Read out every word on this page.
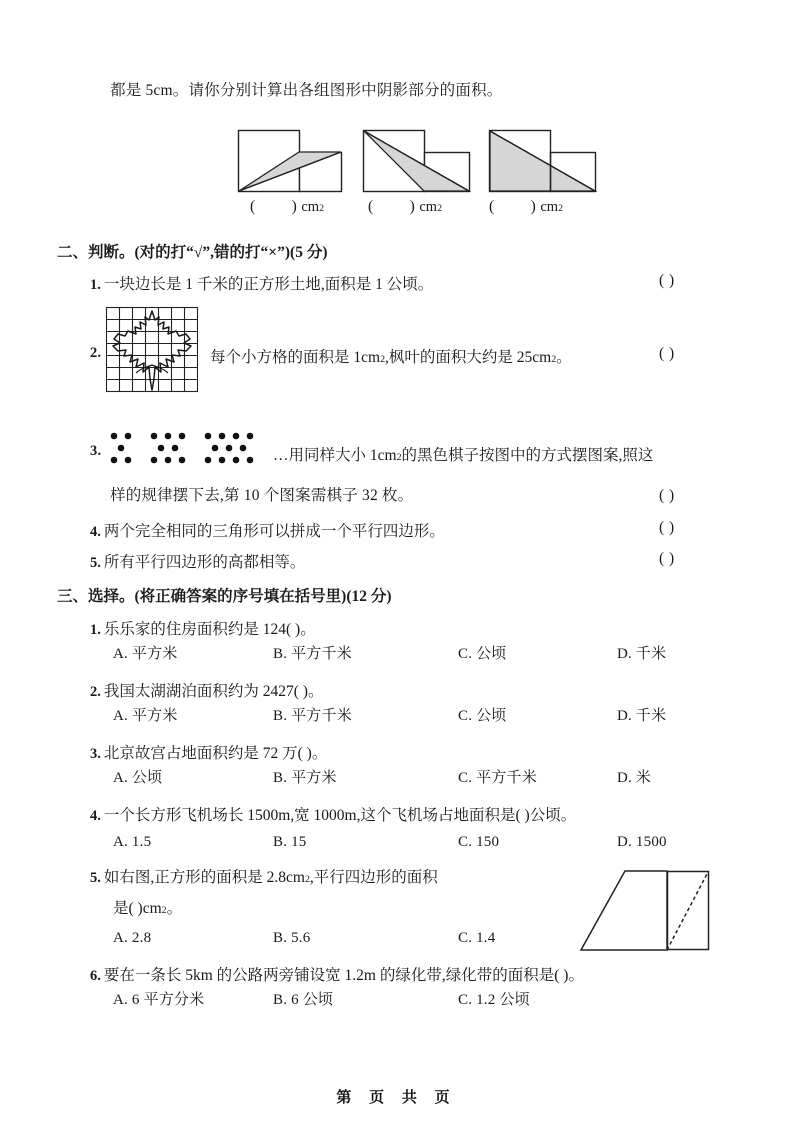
都是 5cm。请你分别计算出各组图形中阴影部分的面积。
( ) cm 2	( ) cm 2	( ) cm 2
二、判断。 (对的打“√”,错的打“×”)(5 分)
1. 一块边长是 1 千米的正方形土地,面积是 1 公顷。	( )
2.	每个小方格的面积是 $1cm_2$ ,枫叶的面积大约是 $25cm_2$ 。	( )
3.	…用同样大小 $1cm_2$ 的黑色棋子按图中的方式摆图案,照这
样的规律摆下去,第 10 个图案需棋子 32 枚。	( )
4. 两个完全相同的三角形可以拼成一个平行四边形。	( )
5. 所有平行四边形的高都相等。	( )
三、选择。 (将正确答案的序号填在括号里)(12 分)
1. 乐乐家的住房面积约是 124( )。
A. 平方米	B. 平方千米	C. 公顷	D. 千米
2. 我国太湖湖泊面积约为 2427( )。
A. 平方米	B. 平方千米	C. 公顷	D. 千米
3. 北京故宫占地面积约是 72 万( )。
A. 公顷	B. 平方米	C. 平方千米	D. 米
4. 一个长方形飞机场长 1500m,宽 1000m,这个飞机场占地面积是( )公顷。
A. 1.5	B. 15	C. 150	D. 1500
5. 如右图,正方形的面积是 $2.8cm_2$ ,平行四边形的面积
是( )$cm_2$ 。
A. 2.8	B. 5.6	C. 1.4
6. 要在一条长 5km 的公路两旁铺设宽 1.2m 的绿化带,绿化带的面积是( )。
A. 6 平方分米	B. 6 公顷	C. 1.2 公顷
第 页 共 页
